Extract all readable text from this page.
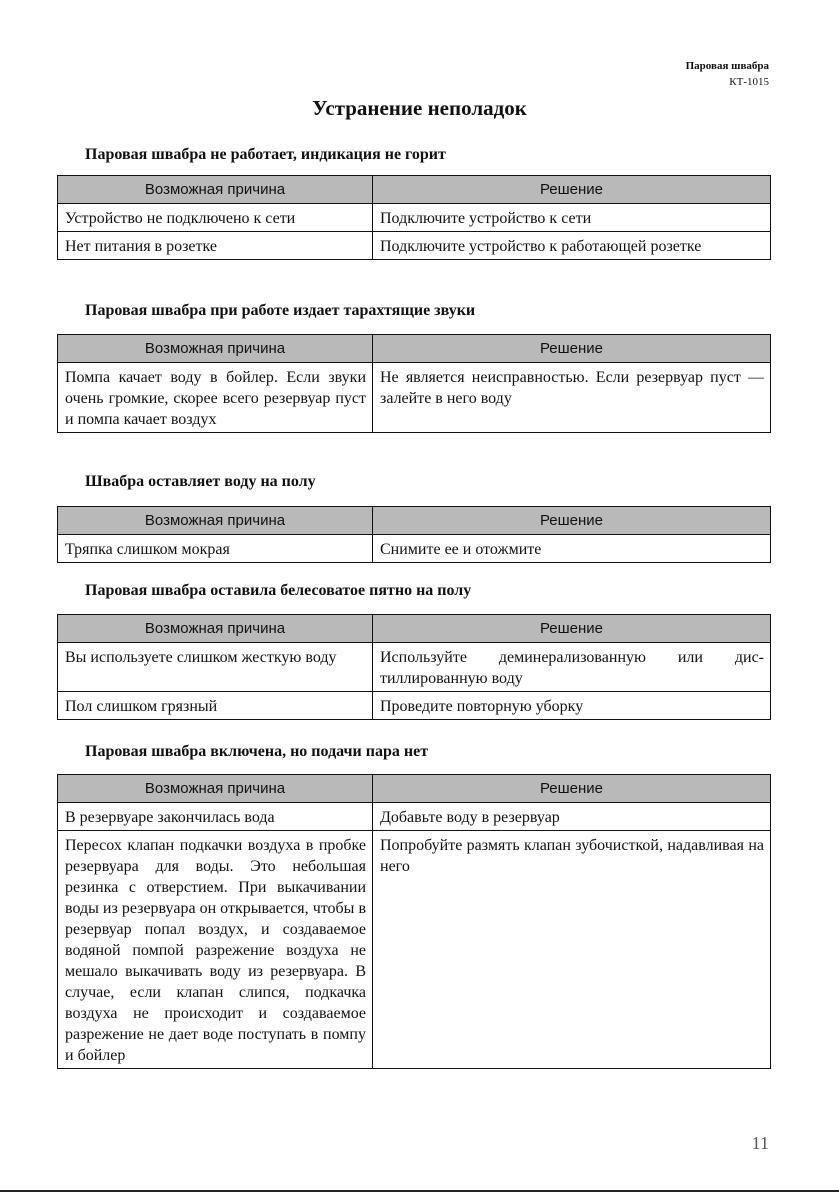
Паровая швабра
КТ-1015
Устранение неполадок
Паровая швабра не работает, индикация не горит
Возможная причина	Решение
Устройство не подключено к сети	Подключите устройство к сети
Нет питания в розетке	Подключите устройство к работающей розетке
Паровая швабра при работе издает тарахтящие звуки
Возможная причина	Решение
Помпа качает воду в бойлер. Если звуки очень громкие, скорее всего резервуар пуст и помпа качает воздух	Не является неисправностью. Если резервуар пуст — залейте в него воду
Швабра оставляет воду на полу
Возможная причина	Решение
Тряпка слишком мокрая	Снимите ее и отожмите
Паровая швабра оставила белесоватое пятно на полу
Возможная причина	Решение
Вы используете слишком жесткую воду	Используйте деминерализованную или дистиллированную воду
Пол слишком грязный	Проведите повторную уборку
Паровая швабра включена, но подачи пара нет
Возможная причина	Решение
В резервуаре закончилась вода	Добавьте воду в резервуар
Пересох клапан подкачки воздуха в пробке резервуара для воды. Это небольшая резинка с отверстием. При выкачивании воды из резервуара он открывается, чтобы в резервуар попал воздух, и создаваемое водяной помпой разрежение воздуха не мешало выкачивать воду из резервуара. В случае, если клапан слипся, подкачка воздуха не происходит и создаваемое разрежение не дает воде поступать в помпу и бойлер	Попробуйте размять клапан зубочисткой, надавливая на него
11
